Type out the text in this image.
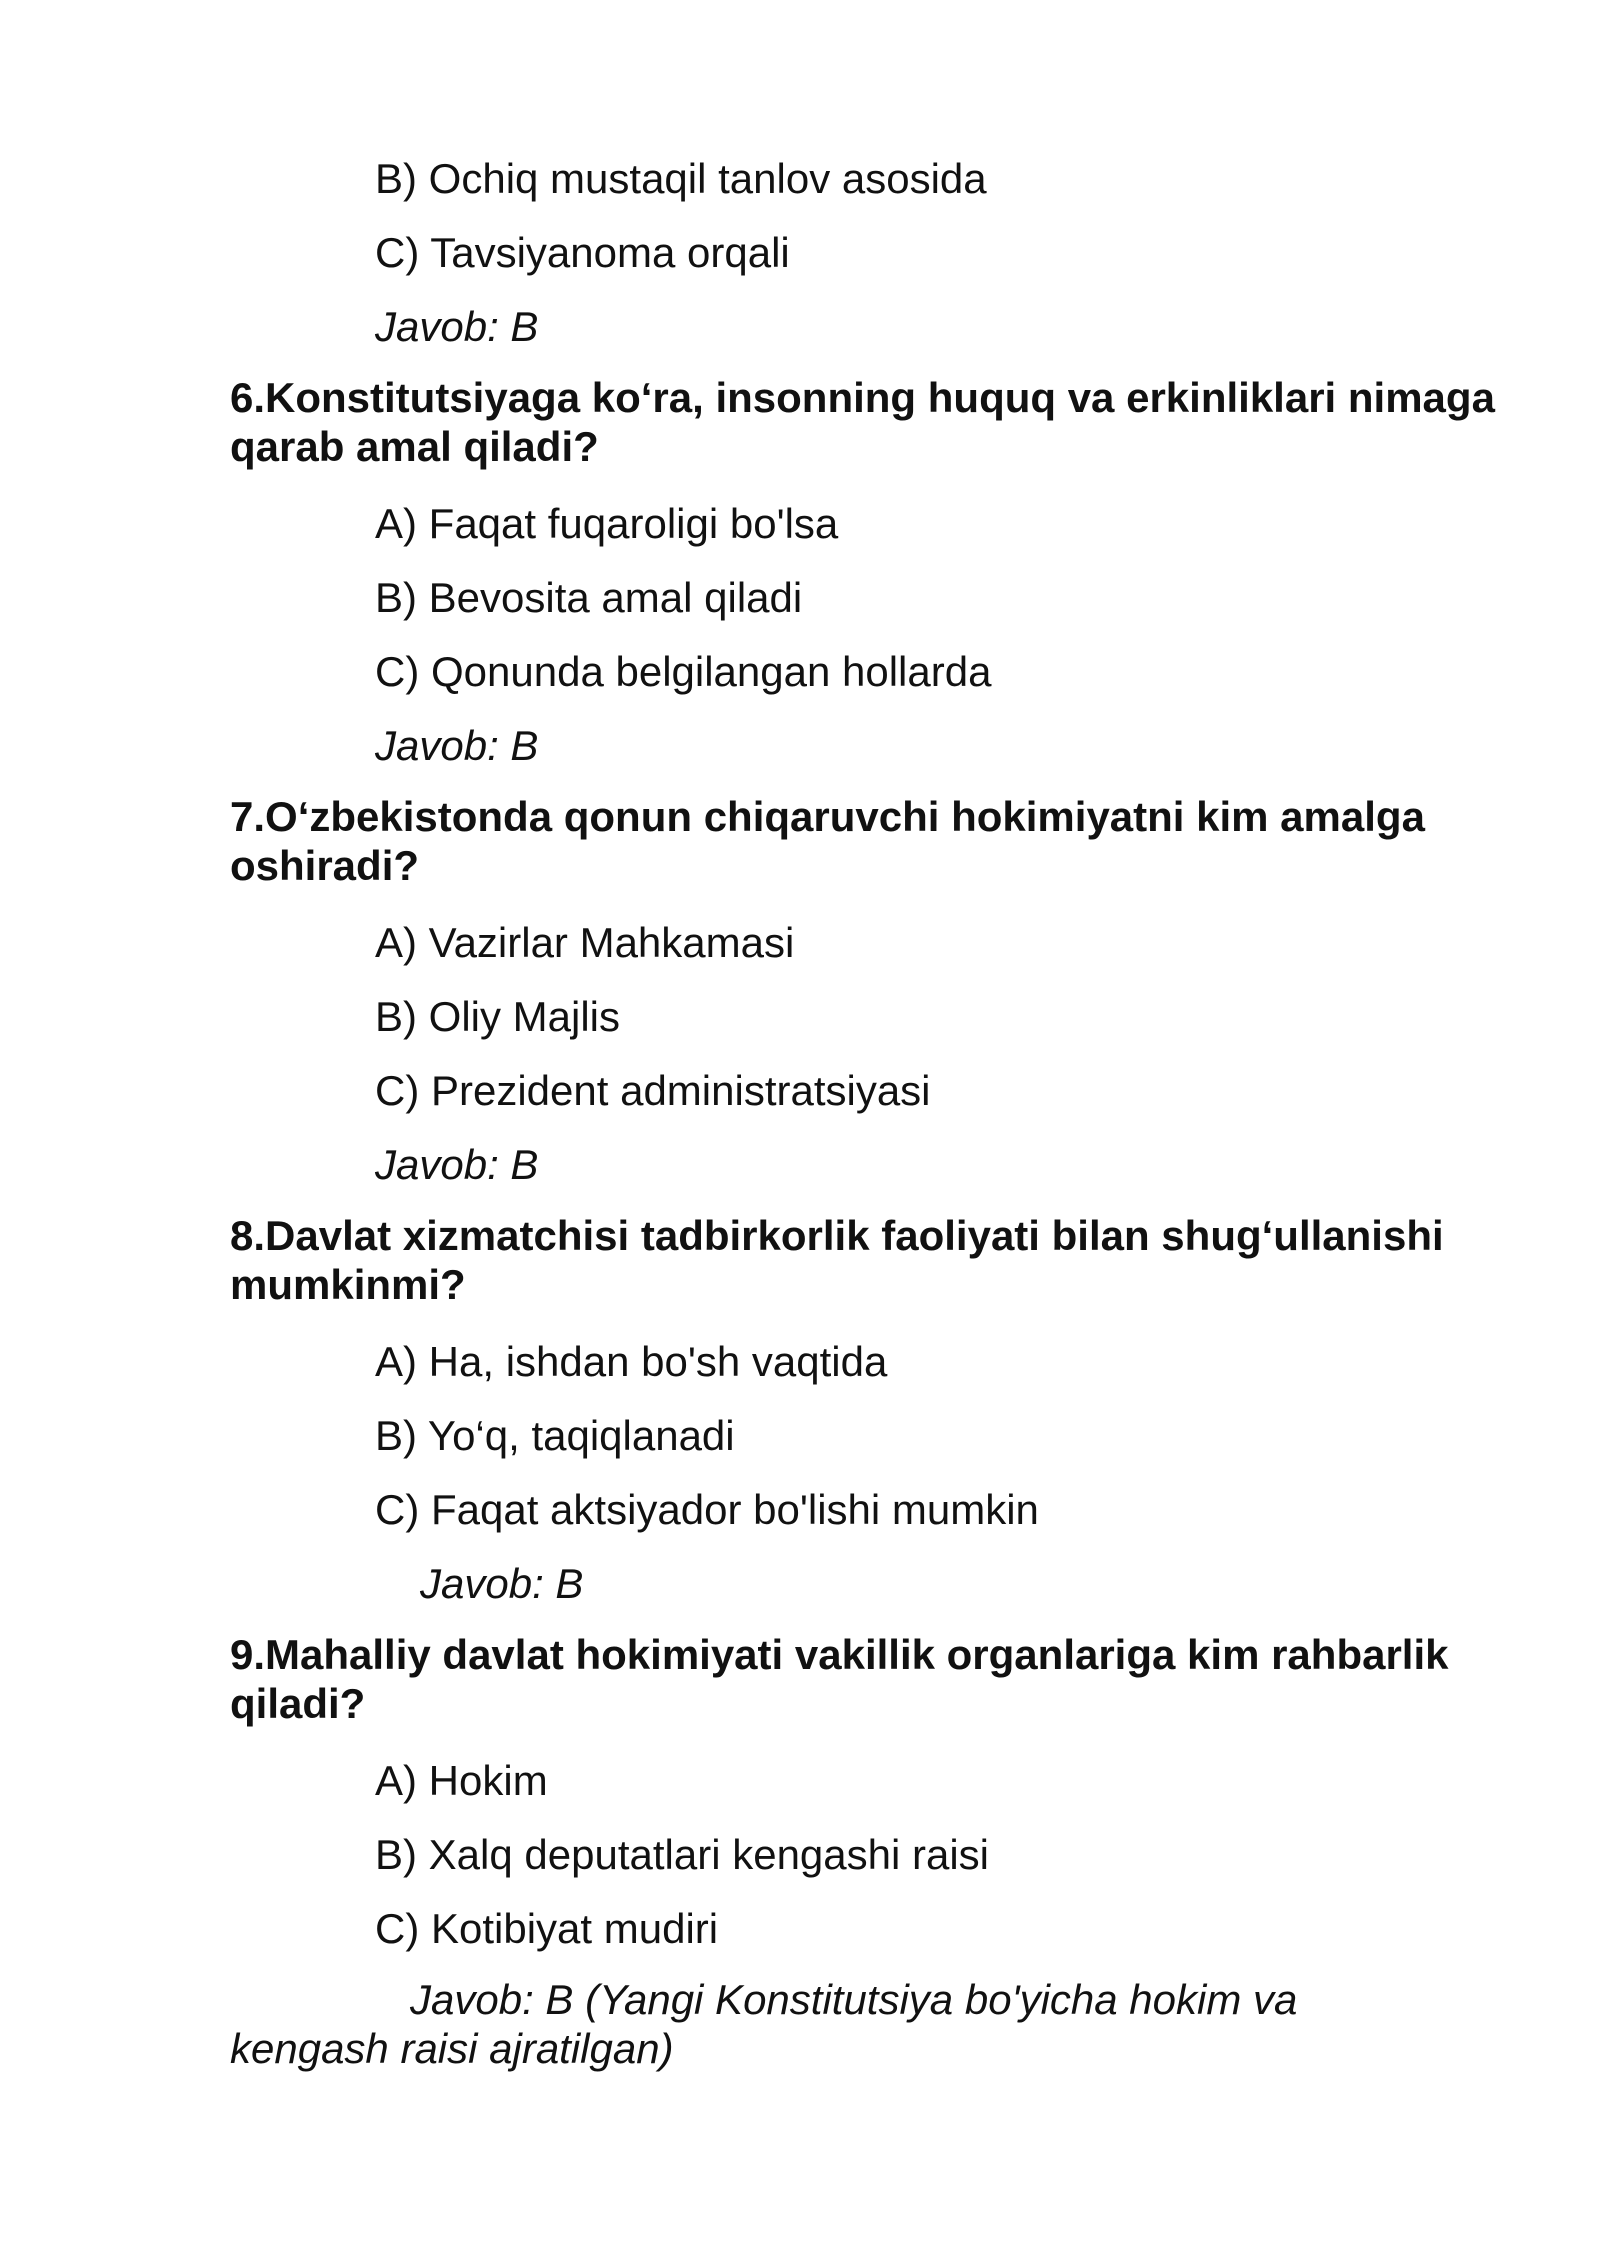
B) Ochiq mustaqil tanlov asosida
C) Tavsiyanoma orqali
Javob: B
6.Konstitutsiyaga ko‘ra, insonning huquq va erkinliklari nimaga qarab amal qiladi?
A) Faqat fuqaroligi bo'lsa
B) Bevosita amal qiladi
C) Qonunda belgilangan hollarda
Javob: B
7.O‘zbekistonda qonun chiqaruvchi hokimiyatni kim amalga oshiradi?
A) Vazirlar Mahkamasi
B) Oliy Majlis
C) Prezident administratsiyasi
Javob: B
8.Davlat xizmatchisi tadbirkorlik faoliyati bilan shug‘ullanishi mumkinmi?
A) Ha, ishdan bo'sh vaqtida
B) Yo‘q, taqiqlanadi
C) Faqat aktsiyador bo'lishi mumkin
Javob: B
9.Mahalliy davlat hokimiyati vakillik organlariga kim rahbarlik qiladi?
A) Hokim
B) Xalq deputatlari kengashi raisi
C) Kotibiyat mudiri
Javob: B (Yangi Konstitutsiya bo'yicha hokim va kengash raisi ajratilgan)
